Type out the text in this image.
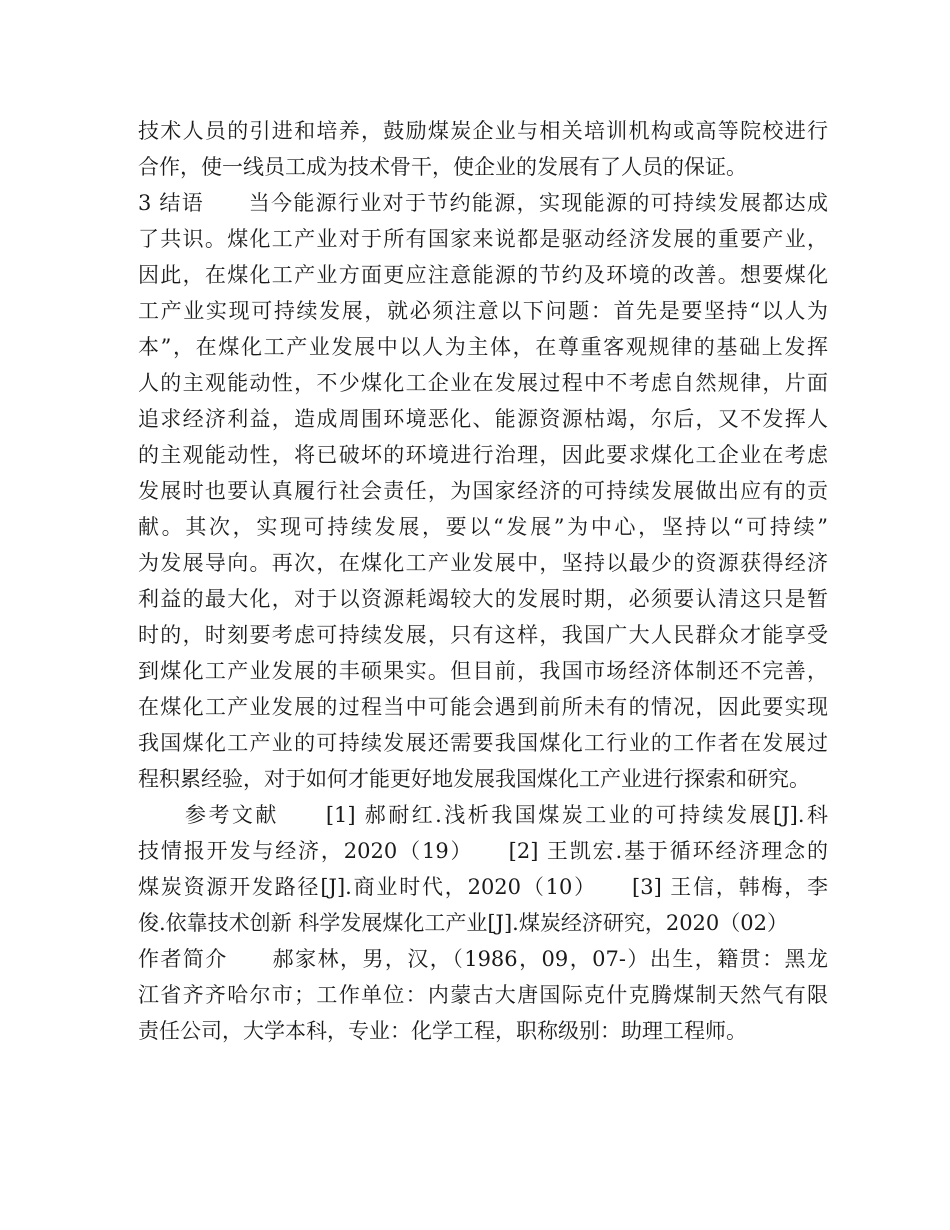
技术人员的引进和培养，鼓励煤炭企业与相关培训机构或高等院校进行
合作，使一线员工成为技术骨干，使企业的发展有了人员的保证。
3 结语　　当今能源行业对于节约能源，实现能源的可持续发展都达成
了共识。煤化工产业对于所有国家来说都是驱动经济发展的重要产业，
因此，在煤化工产业方面更应注意能源的节约及环境的改善。想要煤化
工产业实现可持续发展，就必须注意以下问题：首先是要坚持“以人为
本”，在煤化工产业发展中以人为主体，在尊重客观规律的基础上发挥
人的主观能动性，不少煤化工企业在发展过程中不考虑自然规律，片面
追求经济利益，造成周围环境恶化、能源资源枯竭，尔后，又不发挥人
的主观能动性，将已破坏的环境进行治理，因此要求煤化工企业在考虑
发展时也要认真履行社会责任，为国家经济的可持续发展做出应有的贡
献。其次，实现可持续发展，要以“发展”为中心，坚持以“可持续”
为发展导向。再次，在煤化工产业发展中，坚持以最少的资源获得经济
利益的最大化，对于以资源耗竭较大的发展时期，必须要认清这只是暂
时的，时刻要考虑可持续发展，只有这样，我国广大人民群众才能享受
到煤化工产业发展的丰硕果实。但目前，我国市场经济体制还不完善，
在煤化工产业发展的过程当中可能会遇到前所未有的情况，因此要实现
我国煤化工产业的可持续发展还需要我国煤化工行业的工作者在发展过
程积累经验，对于如何才能更好地发展我国煤化工产业进行探索和研究。
　　参考文献　　[1] 郝耐红.浅析我国煤炭工业的可持续发展[J].科
技情报开发与经济，2020（19）　　[2] 王凯宏.基于循环经济理念的
煤炭资源开发路径[J].商业时代，2020（10）　　[3] 王信，韩梅，李
俊.依靠技术创新 科学发展煤化工产业[J].煤炭经济研究，2020（02）
作者简介　　郝家林，男，汉，（1986，09，07-）出生，籍贯：黑龙
江省齐齐哈尔市；工作单位：内蒙古大唐国际克什克腾煤制天然气有限
责任公司，大学本科，专业：化学工程，职称级别：助理工程师。
